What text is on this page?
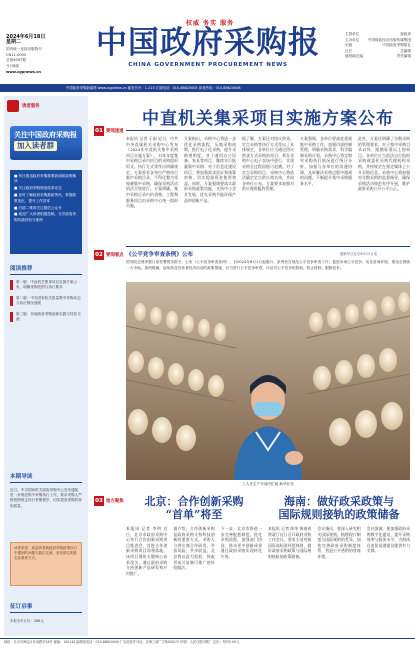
2024年6月18日
星期二
国内统一连续出版物号
CN11-0095
总第4097期
今日8版
www.cgpnews.cn
权威 务实 服务
中国政府采购报
CHINA GOVERNMENT PROCUREMENT NEWS
主管单位	财政部
主办单位 中国财政经济出版传媒集团
出版	中国政府采购报社
社长	总编辑
值班副总编	责任编辑
中国政府采购新闻网 www.cgpnews.cn 邮发代号：1-215 订阅电话：010-88620005 读者热线：010-88620006
读者服务
关注中国政府采购报
加入读者群

■ 每日推送政府采购重要新闻和政策解读

■ 关注政府采购制度改革动态

■ 及时了解政府采购最新资讯，掌握政策变化，提升工作效率

■ 扫描二维码关注微信公众号

■ 欢迎广大读者积极投稿，分享政府采购实践经验与案例

阅读推荐
第一版：中直机关集采项目实施方案公布，明确采购范围与执行要求
第二版：中央国家机关批量集中采购动态与执行情况通报
第三版：各地政府采购创新实践与经验交流
本期导读
近日，中央国家机关政府采购中心发布通知，进一步规范集中采购执行工作，要求采购人严格按照规定执行采购程序，切实提高采购效率和质量。
读者来信：欢迎读者就政府采购政策执行中遇到的问题与我们交流，来信请注明姓名及联系方式。
征订启事
本报全年订价：288元
01 要闻速递
02 要闻看点
03 地方聚焦
中直机关集采项目实施方案公布
本报讯 记者 王刚 近日，中共中央直属机关采购中心发布《2024年中直机关集中采购项目实施方案》，对本年度集中采购目录内项目的采购组织形式、执行方式等作出明确规定。方案要求各单位严格执行集中采购目录，不得化整为零规避集中采购，确保采购活动依法合规进行。方案明确，集中采购目录内的货物、工程和服务项目由采购中心统一组织实施。
方案指出，采购中心将进一步优化采购流程，压缩采购周期，推行电子化采购，提升采购透明度。对于通用办公设备、家具等项目，继续实行批量集中采购；对于信息化建设项目，将加强需求论证和预算审核，切实提高资金使用效益。同时，方案强调要落实政府采购政策功能，支持中小企业发展，优先采购节能环保产品和创新产品。
据了解，方案还对协议供货、定点采购等执行方式作出了具体规定。各单位应当通过协议供货方式采购的项目，须在采购中心电子卖场中进行，实现采购全过程留痕可追溯。对于定点采购项目，采购中心将依法确定定点供应商名单，并向各单位公布。方案要求加强对供应商的履约管理。
方案强调，各单位要高度重视集中采购工作，加强内部控制管理，明确采购需求，科学编制采购计划。采购中心将定期对采购执行情况进行统计分析，加强与各单位的沟通协调，及时解决采购过程中遇到的问题，不断提升集中采购服务水平。
此外，方案还明确了分散采购的管理要求。对于集中采购目录以外、限额标准以上的项目，各单位应当依法自行组织采购或委托采购代理机构采购，并按规定在指定媒体上公开采购信息。采购中心将加强对分散采购的监督指导，确保采购活动规范有序开展，维护政府采购公开公平公正。
《公平竞争审查条例》公布	据新华社北京6月13日电
国务院总理李强日前签署国务院令，公布《公平竞争审查条例》，自2024年8月1日起施行。条例旨在规范公平竞争审查工作，促进市场公平竞争，优化营商环境，建设全国统一大市场。条例明确，起草涉及经营者经济活动的政策措施，应当进行公平竞争审查，评估对公平竞争的影响，防止排除、限制竞争。
工人在生产车间内忙碌 新华社发
北京：合作创新采购
“首单”将至
海南：做好政采政策与
国际规则接轨的政策储备
本报讯 记者 李明 近日，北京市政府采购中心举行合作创新采购项目推进会，首批合作创新采购项目即将落地。该项目聚焦关键核心技术攻关，通过政府采购支持创新产品研发和应用推广。
据介绍，合作创新采购是政府采购支持科技创新的重要方式，采购人与供应商合作研发，共担风险、共享收益。北京将以此为契机，探索形成可复制可推广的经验做法。
下一步，北京市将进一步完善配套制度，优化采购流程，加强部门协同，推动更多创新成果通过政府采购实现转化应用。
本报讯 记者 陈华 海南省财政厅近日召开政府采购工作会议，要求主动对接国际高标准经贸规则，做好政府采购政策与国际规则接轨的政策储备。
会议指出，要深入研究相关国际规则，梳理现行制度与国际规则的差异，加快完善政府采购制度体系，营造公平透明的营商环境。
会议强调，要加强政府采购数字化建设，提升采购效率与服务水平，为海南自由贸易港建设提供有力支撑。
地址：北京市海淀区阜成路甲28号 邮编：100142 编辑部电话：010-88620000 广告经营许可证：京海工商广字第0001号 印刷：人民日报印刷厂 定价：每份2.00元
